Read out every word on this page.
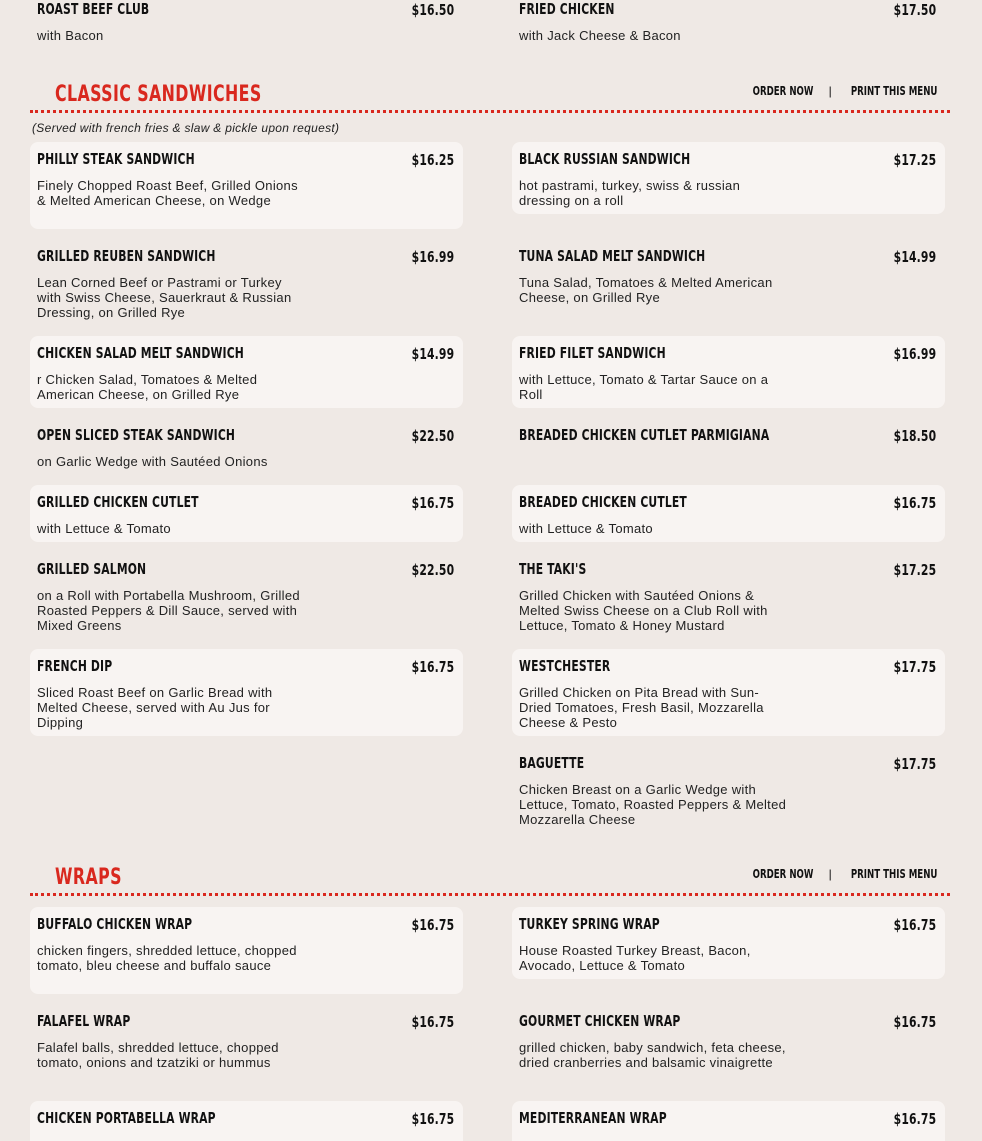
ROAST BEEF CLUB	$16.50
with Bacon
FRIED CHICKEN	$17.50
with Jack Cheese & Bacon
CLASSIC SANDWICHES	ORDER NOW | PRINT THIS MENU
(Served with french fries & slaw & pickle upon request)
PHILLY STEAK SANDWICH	$16.25
Finely Chopped Roast Beef, Grilled Onions & Melted American Cheese, on Wedge
BLACK RUSSIAN SANDWICH	$17.25
hot pastrami, turkey, swiss & russian dressing on a roll
GRILLED REUBEN SANDWICH	$16.99
Lean Corned Beef or Pastrami or Turkey with Swiss Cheese, Sauerkraut & Russian Dressing, on Grilled Rye
TUNA SALAD MELT SANDWICH	$14.99
Tuna Salad, Tomatoes & Melted American Cheese, on Grilled Rye
CHICKEN SALAD MELT SANDWICH	$14.99
r Chicken Salad, Tomatoes & Melted American Cheese, on Grilled Rye
FRIED FILET SANDWICH	$16.99
with Lettuce, Tomato & Tartar Sauce on a Roll
OPEN SLICED STEAK SANDWICH	$22.50
on Garlic Wedge with Sautéed Onions
BREADED CHICKEN CUTLET PARMIGIANA	$18.50
GRILLED CHICKEN CUTLET	$16.75
with Lettuce & Tomato
BREADED CHICKEN CUTLET	$16.75
with Lettuce & Tomato
GRILLED SALMON	$22.50
on a Roll with Portabella Mushroom, Grilled Roasted Peppers & Dill Sauce, served with Mixed Greens
THE TAKI'S	$17.25
Grilled Chicken with Sautéed Onions & Melted Swiss Cheese on a Club Roll with Lettuce, Tomato & Honey Mustard
FRENCH DIP	$16.75
Sliced Roast Beef on Garlic Bread with Melted Cheese, served with Au Jus for Dipping
WESTCHESTER	$17.75
Grilled Chicken on Pita Bread with Sun-Dried Tomatoes, Fresh Basil, Mozzarella Cheese & Pesto
BAGUETTE	$17.75
Chicken Breast on a Garlic Wedge with Lettuce, Tomato, Roasted Peppers & Melted Mozzarella Cheese
WRAPS	ORDER NOW | PRINT THIS MENU
BUFFALO CHICKEN WRAP	$16.75
chicken fingers, shredded lettuce, chopped tomato, bleu cheese and buffalo sauce
TURKEY SPRING WRAP	$16.75
House Roasted Turkey Breast, Bacon, Avocado, Lettuce & Tomato
FALAFEL WRAP	$16.75
Falafel balls, shredded lettuce, chopped tomato, onions and tzatziki or hummus
GOURMET CHICKEN WRAP	$16.75
grilled chicken, baby sandwich, feta cheese, dried cranberries and balsamic vinaigrette
CHICKEN PORTABELLA WRAP	$16.75	MEDITERRANEAN WRAP	$16.75
